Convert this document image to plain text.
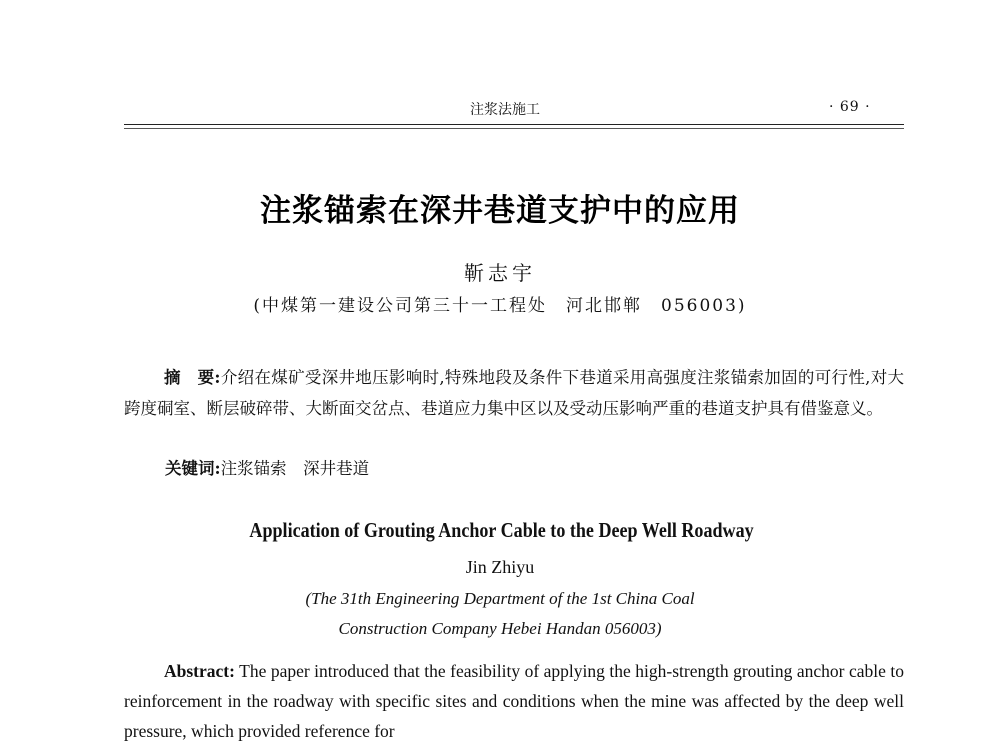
注浆法施工	· 69 ·
注浆锚索在深井巷道支护中的应用
靳志宇
(中煤第一建设公司第三十一工程处　河北邯郸　056003)
摘　要:介绍在煤矿受深井地压影响时,特殊地段及条件下巷道采用高强度注浆锚索加固的可行性,对大跨度硐室、断层破碎带、大断面交岔点、巷道应力集中区以及受动压影响严重的巷道支护具有借鉴意义。
关键词:注浆锚索　深井巷道
Application of Grouting Anchor Cable to the Deep Well Roadway
Jin Zhiyu
(The 31th Engineering Department of the 1st China Coal
Construction Company Hebei Handan 056003)
Abstract: The paper introduced that the feasibility of applying the high-strength grouting anchor cable to reinforcement in the roadway with specific sites and conditions when the mine was affected by the deep well pressure, which provided reference for
